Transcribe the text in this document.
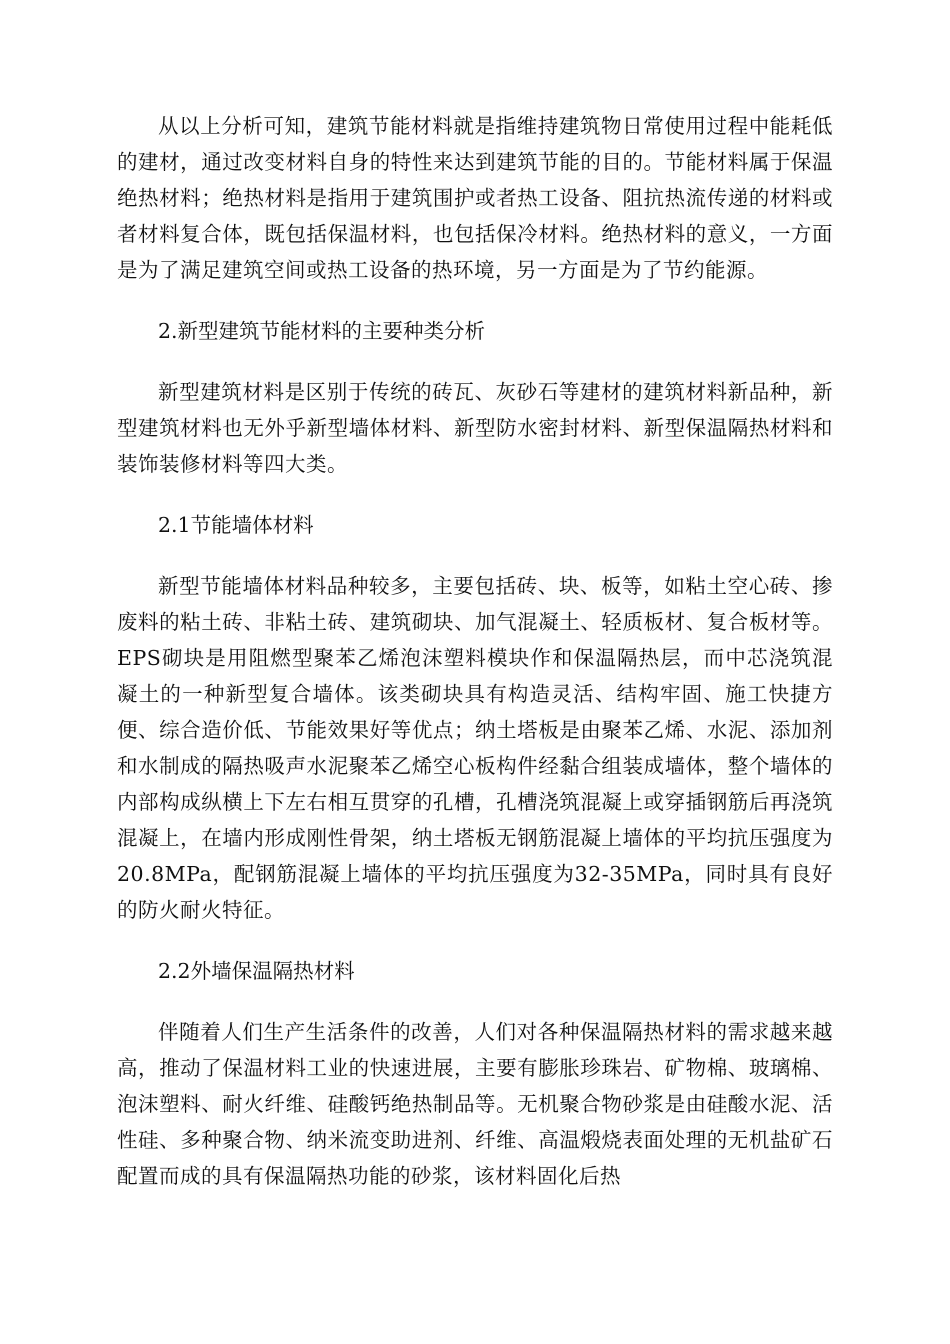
从以上分析可知，建筑节能材料就是指维持建筑物日常使用过程中能耗低的建材，通过改变材料自身的特性来达到建筑节能的目的。节能材料属于保温绝热材料；绝热材料是指用于建筑围护或者热工设备、阻抗热流传递的材料或者材料复合体，既包括保温材料，也包括保冷材料。绝热材料的意义，一方面是为了满足建筑空间或热工设备的热环境，另一方面是为了节约能源。

2.新型建筑节能材料的主要种类分析

新型建筑材料是区别于传统的砖瓦、灰砂石等建材的建筑材料新品种，新型建筑材料也无外乎新型墙体材料、新型防水密封材料、新型保温隔热材料和装饰装修材料等四大类。

2.1节能墙体材料

新型节能墙体材料品种较多，主要包括砖、块、板等，如粘土空心砖、掺废料的粘土砖、非粘土砖、建筑砌块、加气混凝土、轻质板材、复合板材等。EPS砌块是用阻燃型聚苯乙烯泡沫塑料模块作和保温隔热层，而中芯浇筑混凝土的一种新型复合墙体。该类砌块具有构造灵活、结构牢固、施工快捷方便、综合造价低、节能效果好等优点；纳土塔板是由聚苯乙烯、水泥、添加剂和水制成的隔热吸声水泥聚苯乙烯空心板构件经黏合组装成墙体，整个墙体的内部构成纵横上下左右相互贯穿的孔槽，孔槽浇筑混凝上或穿插钢筋后再浇筑混凝上，在墙内形成刚性骨架，纳土塔板无钢筋混凝上墙体的平均抗压强度为20.8MPa，配钢筋混凝上墙体的平均抗压强度为32-35MPa，同时具有良好的防火耐火特征。

2.2外墙保温隔热材料

伴随着人们生产生活条件的改善，人们对各种保温隔热材料的需求越来越高，推动了保温材料工业的快速进展，主要有膨胀珍珠岩、矿物棉、玻璃棉、泡沫塑料、耐火纤维、硅酸钙绝热制品等。无机聚合物砂浆是由硅酸水泥、活性硅、多种聚合物、纳米流变助进剂、纤维、高温煅烧表面处理的无机盐矿石配置而成的具有保温隔热功能的砂浆，该材料固化后热
